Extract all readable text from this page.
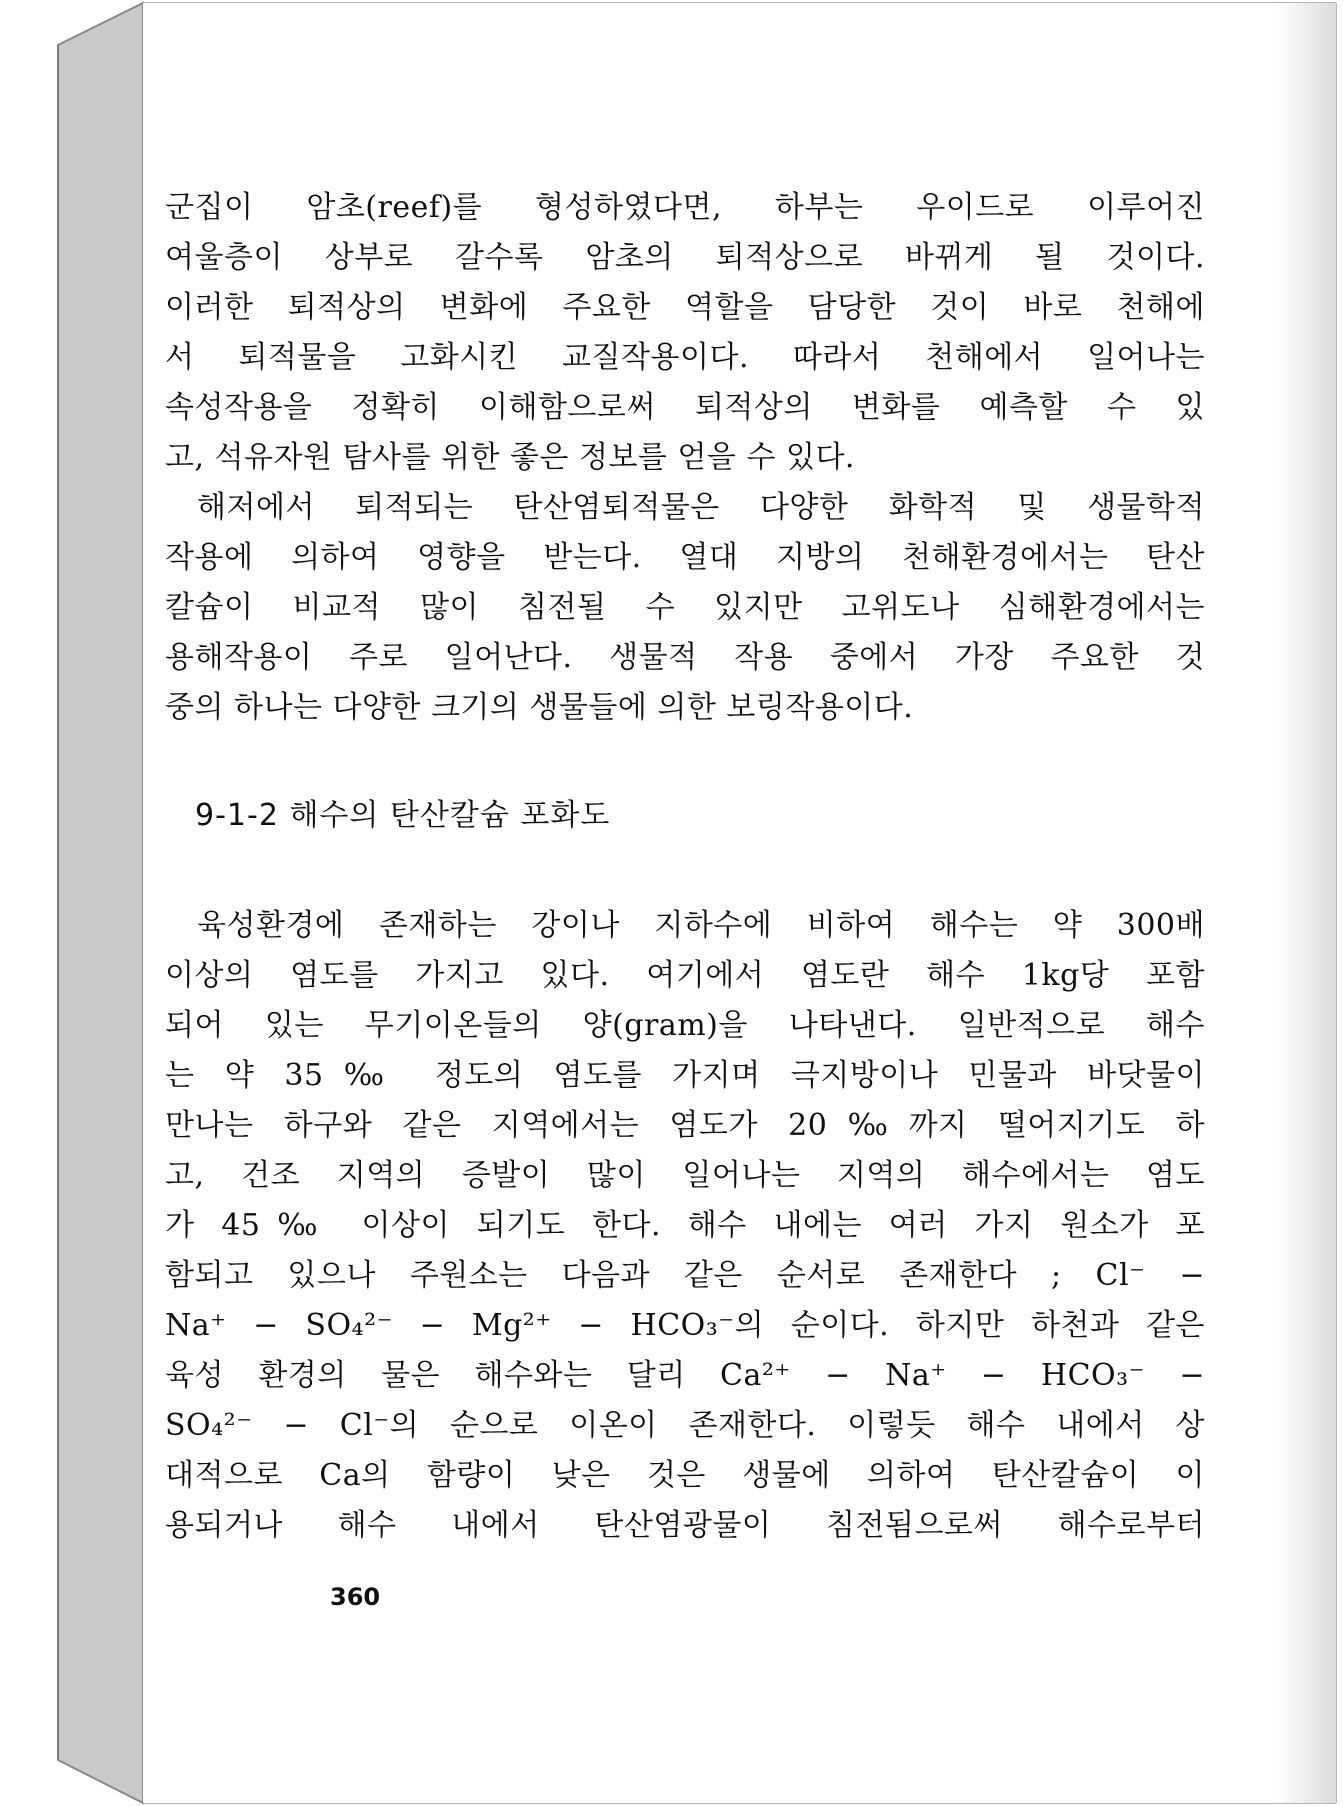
군집이 암초(reef)를 형성하였다면, 하부는 우이드로 이루어진
여울층이 상부로 갈수록 암초의 퇴적상으로 바뀌게 될 것이다.
이러한 퇴적상의 변화에 주요한 역할을 담당한 것이 바로 천해에
서 퇴적물을 고화시킨 교질작용이다. 따라서 천해에서 일어나는
속성작용을 정확히 이해함으로써 퇴적상의 변화를 예측할 수 있
고, 석유자원 탐사를 위한 좋은 정보를 얻을 수 있다.

해저에서 퇴적되는 탄산염퇴적물은 다양한 화학적 및 생물학적
작용에 의하여 영향을 받는다. 열대 지방의 천해환경에서는 탄산
칼슘이 비교적 많이 침전될 수 있지만 고위도나 심해환경에서는
용해작용이 주로 일어난다. 생물적 작용 중에서 가장 주요한 것
중의 하나는 다양한 크기의 생물들에 의한 보링작용이다.

9-1-2 해수의 탄산칼슘 포화도

육성환경에 존재하는 강이나 지하수에 비하여 해수는 약 300배
이상의 염도를 가지고 있다. 여기에서 염도란 해수 1kg당 포함
되어 있는 무기이온들의 양(gram)을 나타낸다. 일반적으로 해수
는 약 35‰ 정도의 염도를 가지며 극지방이나 민물과 바닷물이
만나는 하구와 같은 지역에서는 염도가 20‰까지 떨어지기도 하
고, 건조 지역의 증발이 많이 일어나는 지역의 해수에서는 염도
가 45‰ 이상이 되기도 한다. 해수 내에는 여러 가지 원소가 포
함되고 있으나 주원소는 다음과 같은 순서로 존재한다 ; Cl⁻ −
Na⁺ − SO₄²⁻ − Mg²⁺ − HCO₃⁻의 순이다. 하지만 하천과 같은
육성 환경의 물은 해수와는 달리 Ca²⁺ − Na⁺ − HCO₃⁻ −
SO₄²⁻ − Cl⁻의 순으로 이온이 존재한다. 이렇듯 해수 내에서 상
대적으로 Ca의 함량이 낮은 것은 생물에 의하여 탄산칼슘이 이
용되거나 해수 내에서 탄산염광물이 침전됨으로써 해수로부터

360
